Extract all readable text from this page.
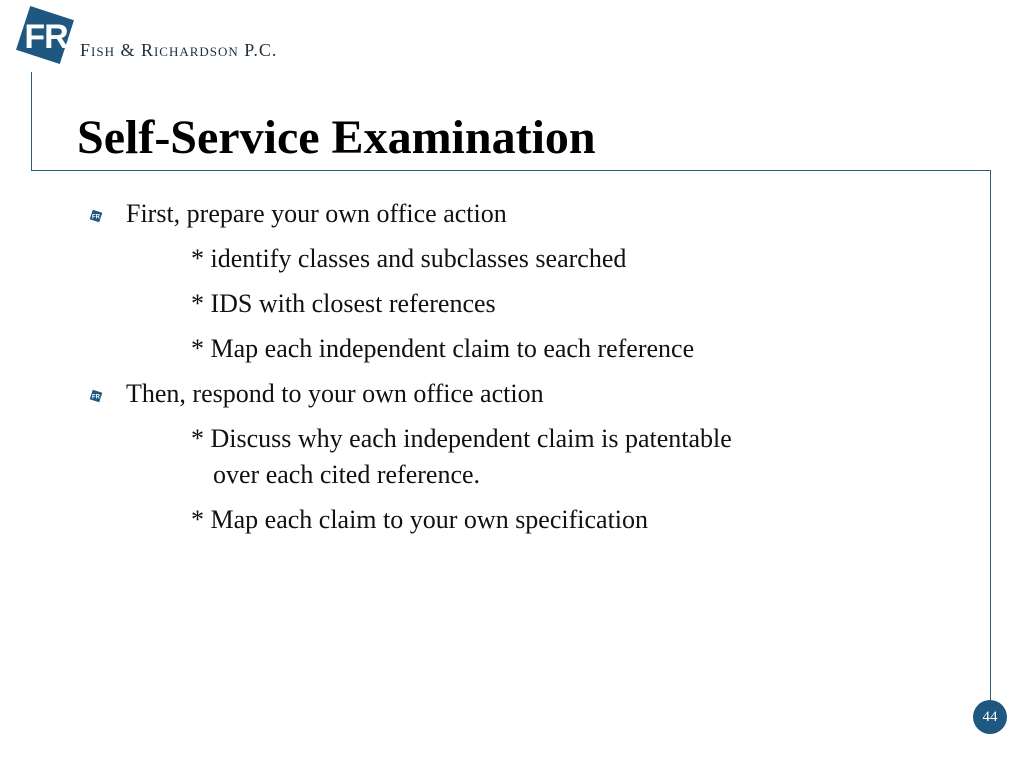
FR Fish & Richardson P.C.
Self-Service Examination
FR First, prepare your own office action
* identify classes and subclasses searched
* IDS with closest references
* Map each independent claim to each reference
FR Then, respond to your own office action
* Discuss why each independent claim is patentable
over each cited reference.
* Map each claim to your own specification
44
